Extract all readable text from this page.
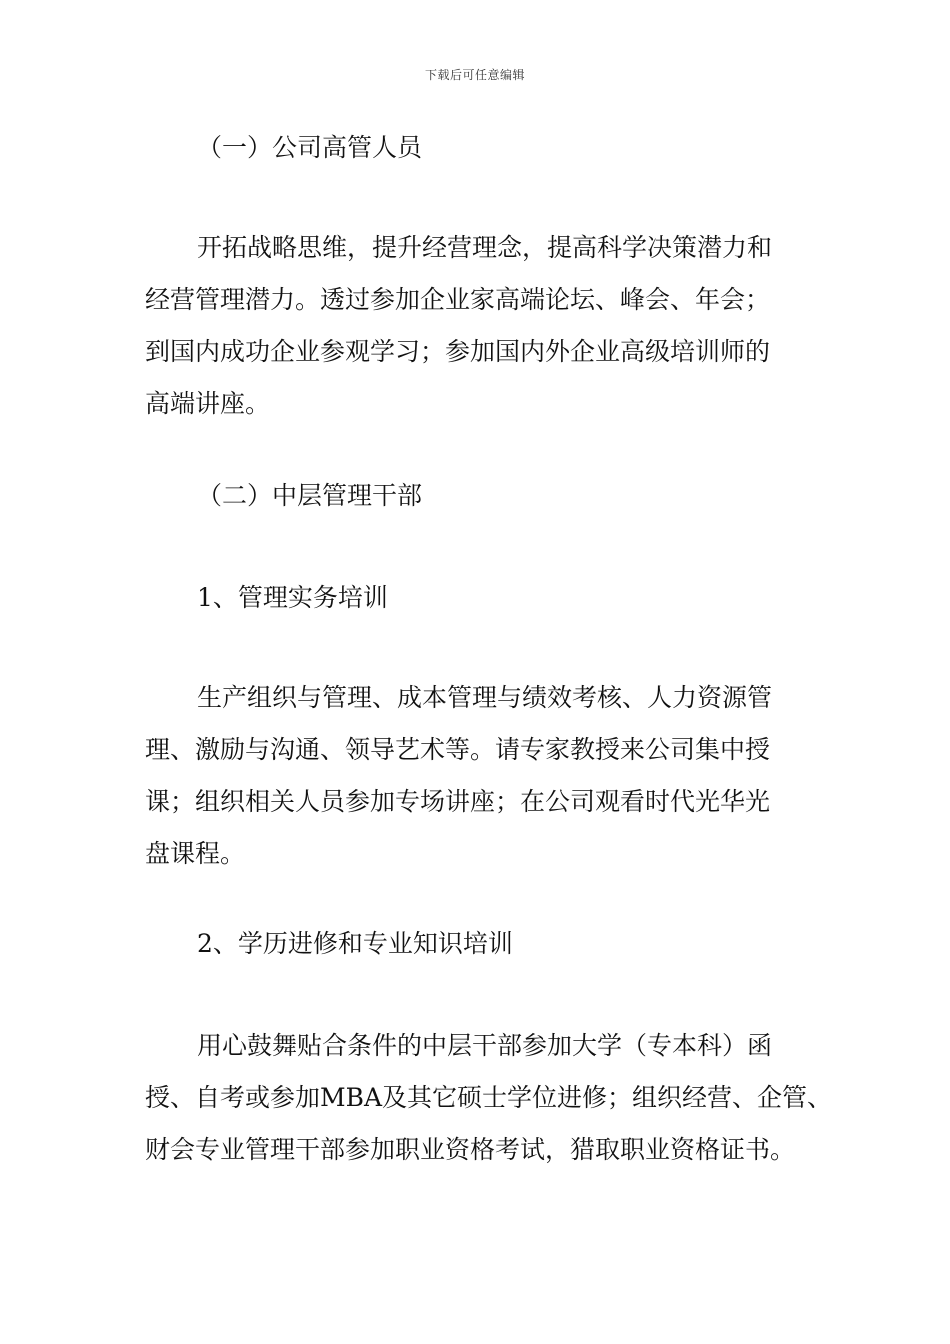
下载后可任意编辑

（一）公司高管人员

开拓战略思维，提升经营理念，提高科学决策潜力和
经营管理潜力。透过参加企业家高端论坛、峰会、年会；
到国内成功企业参观学习；参加国内外企业高级培训师的
高端讲座。

（二）中层管理干部

1、管理实务培训

生产组织与管理、成本管理与绩效考核、人力资源管
理、激励与沟通、领导艺术等。请专家教授来公司集中授
课；组织相关人员参加专场讲座；在公司观看时代光华光
盘课程。

2、学历进修和专业知识培训

用心鼓舞贴合条件的中层干部参加大学（专本科）函
授、自考或参加MBA及其它硕士学位进修；组织经营、企管、
财会专业管理干部参加职业资格考试，猎取职业资格证书。
